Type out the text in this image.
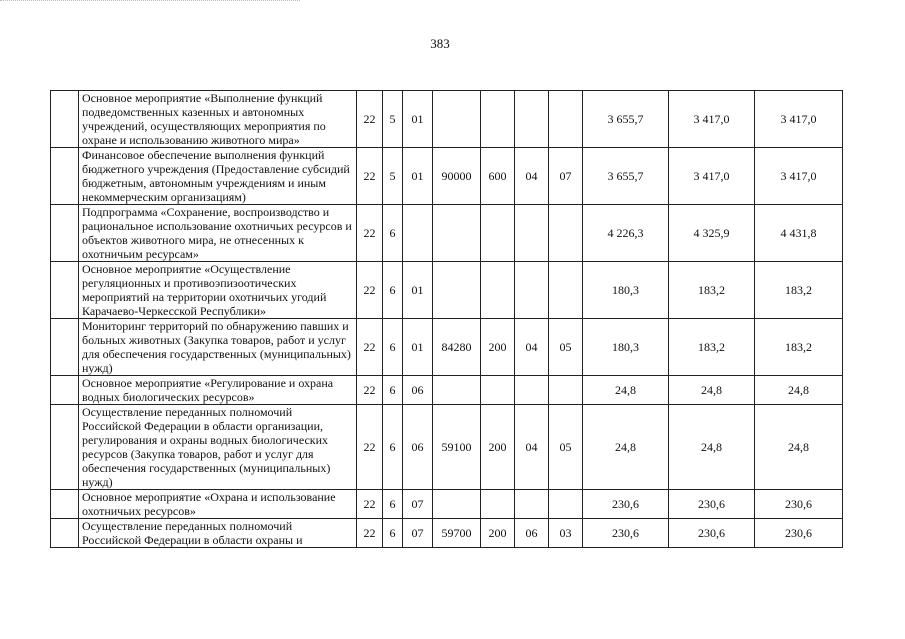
383
	Основное мероприятие «Выполнение функций подведомственных казенных и автономных учреждений, осуществляющих мероприятия по охране и использованию животного мира»	22	5	01					3 655,7	3 417,0	3 417,0
	Финансовое обеспечение выполнения функций бюджетного учреждения (Предоставление субсидий бюджетным, автономным учреждениям и иным некоммерческим организациям)	22	5	01	90000	600	04	07	3 655,7	3 417,0	3 417,0
	Подпрограмма «Сохранение, воспроизводство и рациональное использование охотничьих ресурсов и объектов животного мира, не отнесенных к охотничьим ресурсам»	22	6						4 226,3	4 325,9	4 431,8
	Основное мероприятие «Осуществление регуляционных и противоэпизоотических мероприятий на территории охотничьих угодий Карачаево-Черкесской Республики»	22	6	01					180,3	183,2	183,2
	Мониторинг территорий по обнаружению павших и больных животных (Закупка товаров, работ и услуг для обеспечения государственных (муниципальных) нужд)	22	6	01	84280	200	04	05	180,3	183,2	183,2
	Основное мероприятие «Регулирование и охрана водных биологических ресурсов»	22	6	06					24,8	24,8	24,8
	Осуществление переданных полномочий Российской Федерации в области организации, регулирования и охраны водных биологических ресурсов (Закупка товаров, работ и услуг для обеспечения государственных (муниципальных) нужд)	22	6	06	59100	200	04	05	24,8	24,8	24,8
	Основное мероприятие «Охрана и использование охотничьих ресурсов»	22	6	07					230,6	230,6	230,6
	Осуществление переданных полномочий Российской Федерации в области охраны и	22	6	07	59700	200	06	03	230,6	230,6	230,6
